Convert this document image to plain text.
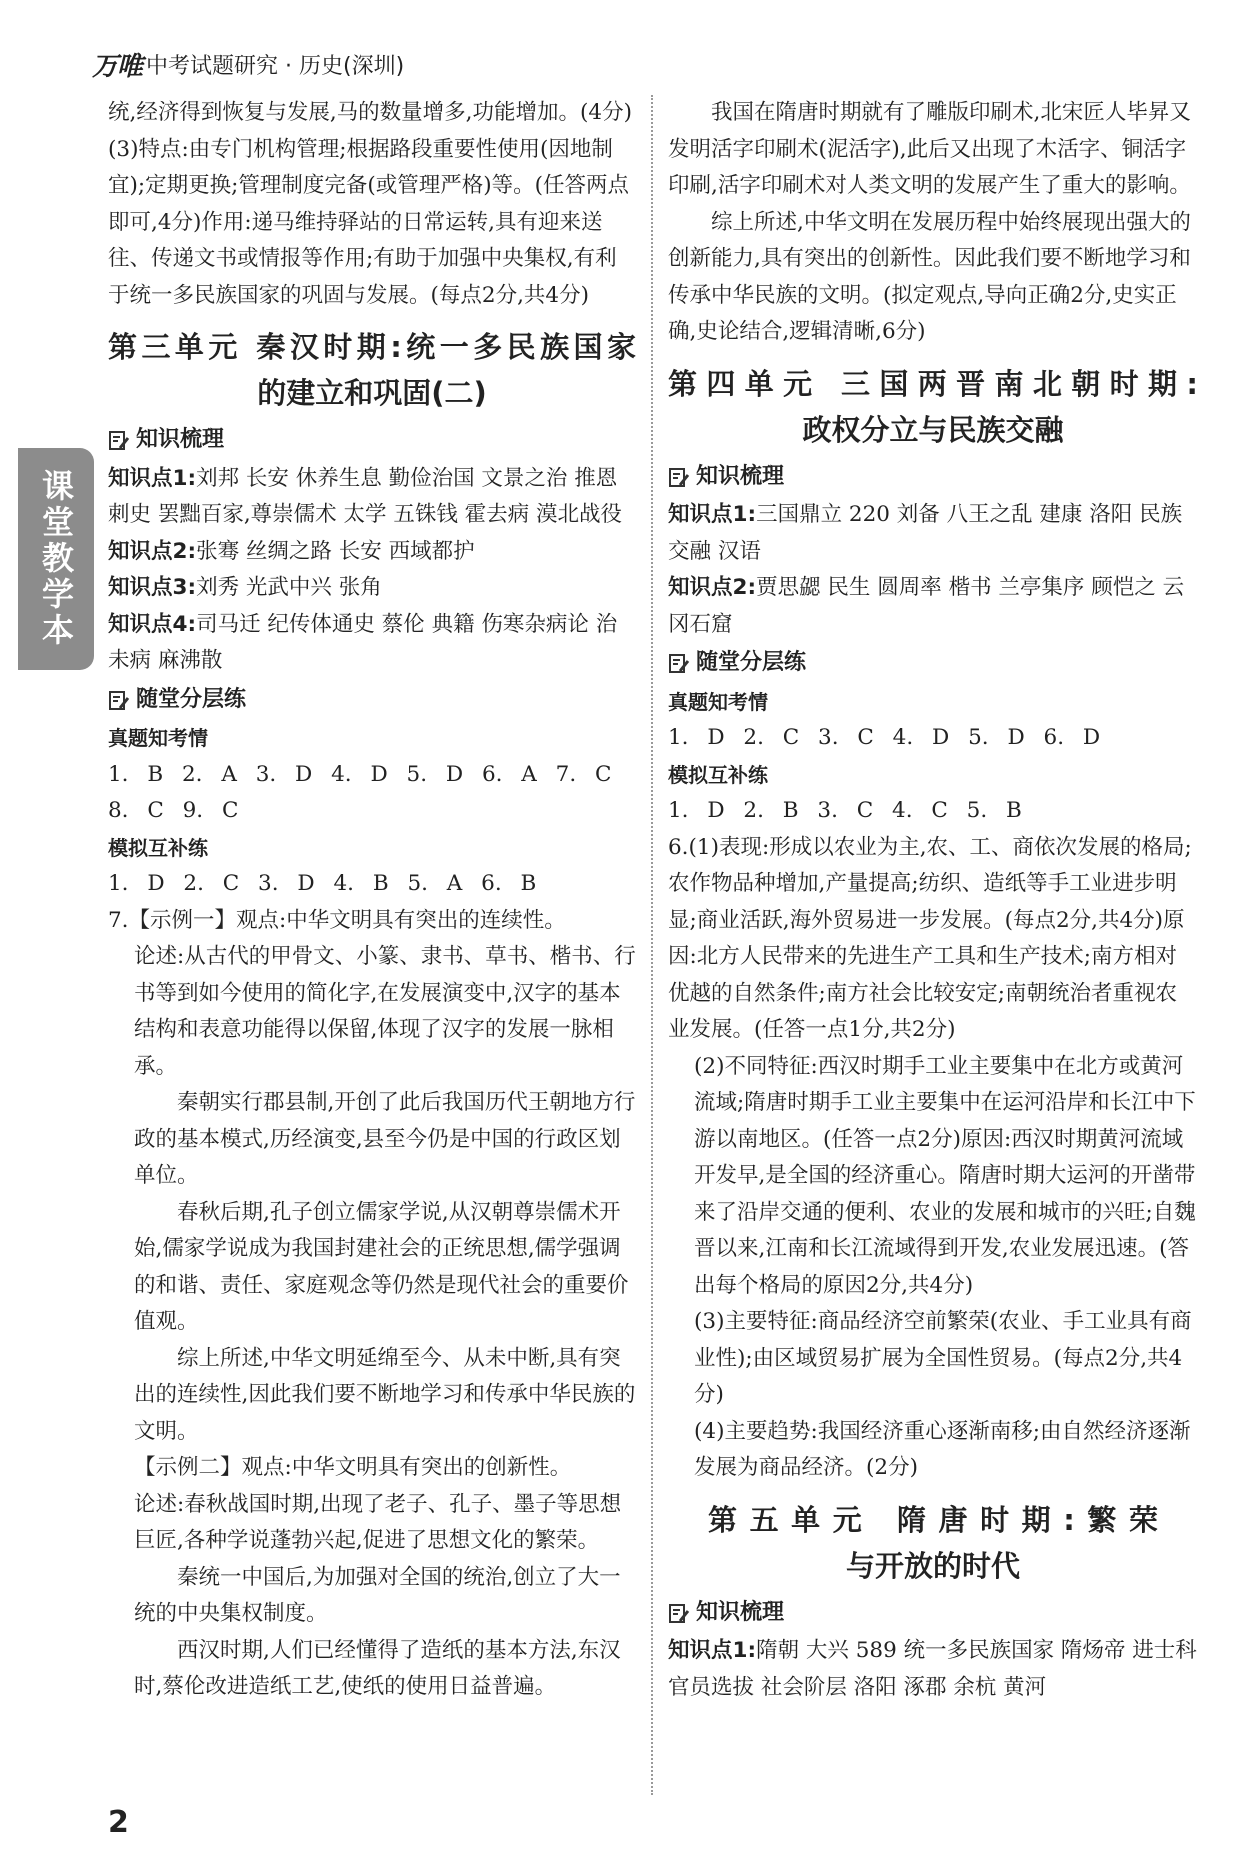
万唯 中考试题研究 · 历史(深圳)
课堂教学本

统,经济得到恢复与发展,马的数量增多,功能增加。(4分)

(3)特点:由专门机构管理;根据路段重要性使用(因地制宜);定期更换;管理制度完备(或管理严格)等。(任答两点即可,4分)作用:递马维持驿站的日常运转,具有迎来送往、传递文书或情报等作用;有助于加强中央集权,有利于统一多民族国家的巩固与发展。(每点2分,共4分)

第三单元 秦汉时期:统一多民族国家
的建立和巩固(二)
知识梳理

知识点1:刘邦 长安 休养生息 勤俭治国 文景之治 推恩 刺史 罢黜百家,尊崇儒术 太学 五铢钱 霍去病 漠北战役

知识点2:张骞 丝绸之路 长安 西域都护

知识点3:刘秀 光武中兴 张角

知识点4:司马迁 纪传体通史 蔡伦 典籍 伤寒杂病论 治未病 麻沸散

随堂分层练
真题知考情

1. B 2. A 3. D 4. D 5. D 6. A 7. C 8. C 9. C

模拟互补练

1. D 2. C 3. D 4. B 5. A 6. B

7.【示例一】观点:中华文明具有突出的连续性。

论述:从古代的甲骨文、小篆、隶书、草书、楷书、行书等到如今使用的简化字,在发展演变中,汉字的基本结构和表意功能得以保留,体现了汉字的发展一脉相承。

秦朝实行郡县制,开创了此后我国历代王朝地方行政的基本模式,历经演变,县至今仍是中国的行政区划单位。

春秋后期,孔子创立儒家学说,从汉朝尊崇儒术开始,儒家学说成为我国封建社会的正统思想,儒学强调的和谐、责任、家庭观念等仍然是现代社会的重要价值观。

综上所述,中华文明延绵至今、从未中断,具有突出的连续性,因此我们要不断地学习和传承中华民族的文明。

【示例二】观点:中华文明具有突出的创新性。

论述:春秋战国时期,出现了老子、孔子、墨子等思想巨匠,各种学说蓬勃兴起,促进了思想文化的繁荣。

秦统一中国后,为加强对全国的统治,创立了大一统的中央集权制度。

西汉时期,人们已经懂得了造纸的基本方法,东汉时,蔡伦改进造纸工艺,使纸的使用日益普遍。

我国在隋唐时期就有了雕版印刷术,北宋匠人毕昇又发明活字印刷术(泥活字),此后又出现了木活字、铜活字印刷,活字印刷术对人类文明的发展产生了重大的影响。

综上所述,中华文明在发展历程中始终展现出强大的创新能力,具有突出的创新性。因此我们要不断地学习和传承中华民族的文明。(拟定观点,导向正确2分,史实正确,史论结合,逻辑清晰,6分)

第四单元 三国两晋南北朝时期:
政权分立与民族交融
知识梳理

知识点1:三国鼎立 220 刘备 八王之乱 建康 洛阳 民族交融 汉语

知识点2:贾思勰 民生 圆周率 楷书 兰亭集序 顾恺之 云冈石窟

随堂分层练
真题知考情

1. D 2. C 3. C 4. D 5. D 6. D

模拟互补练

1. D 2. B 3. C 4. C 5. B

6.(1)表现:形成以农业为主,农、工、商依次发展的格局;农作物品种增加,产量提高;纺织、造纸等手工业进步明显;商业活跃,海外贸易进一步发展。(每点2分,共4分)原因:北方人民带来的先进生产工具和生产技术;南方相对优越的自然条件;南方社会比较安定;南朝统治者重视农业发展。(任答一点1分,共2分)

(2)不同特征:西汉时期手工业主要集中在北方或黄河流域;隋唐时期手工业主要集中在运河沿岸和长江中下游以南地区。(任答一点2分)原因:西汉时期黄河流域开发早,是全国的经济重心。隋唐时期大运河的开凿带来了沿岸交通的便利、农业的发展和城市的兴旺;自魏晋以来,江南和长江流域得到开发,农业发展迅速。(答出每个格局的原因2分,共4分)

(3)主要特征:商品经济空前繁荣(农业、手工业具有商业性);由区域贸易扩展为全国性贸易。(每点2分,共4分)

(4)主要趋势:我国经济重心逐渐南移;由自然经济逐渐发展为商品经济。(2分)

第五单元 隋唐时期:繁荣
与开放的时代
知识梳理

知识点1:隋朝 大兴 589 统一多民族国家 隋炀帝 进士科 官员选拔 社会阶层 洛阳 涿郡 余杭 黄河

2
